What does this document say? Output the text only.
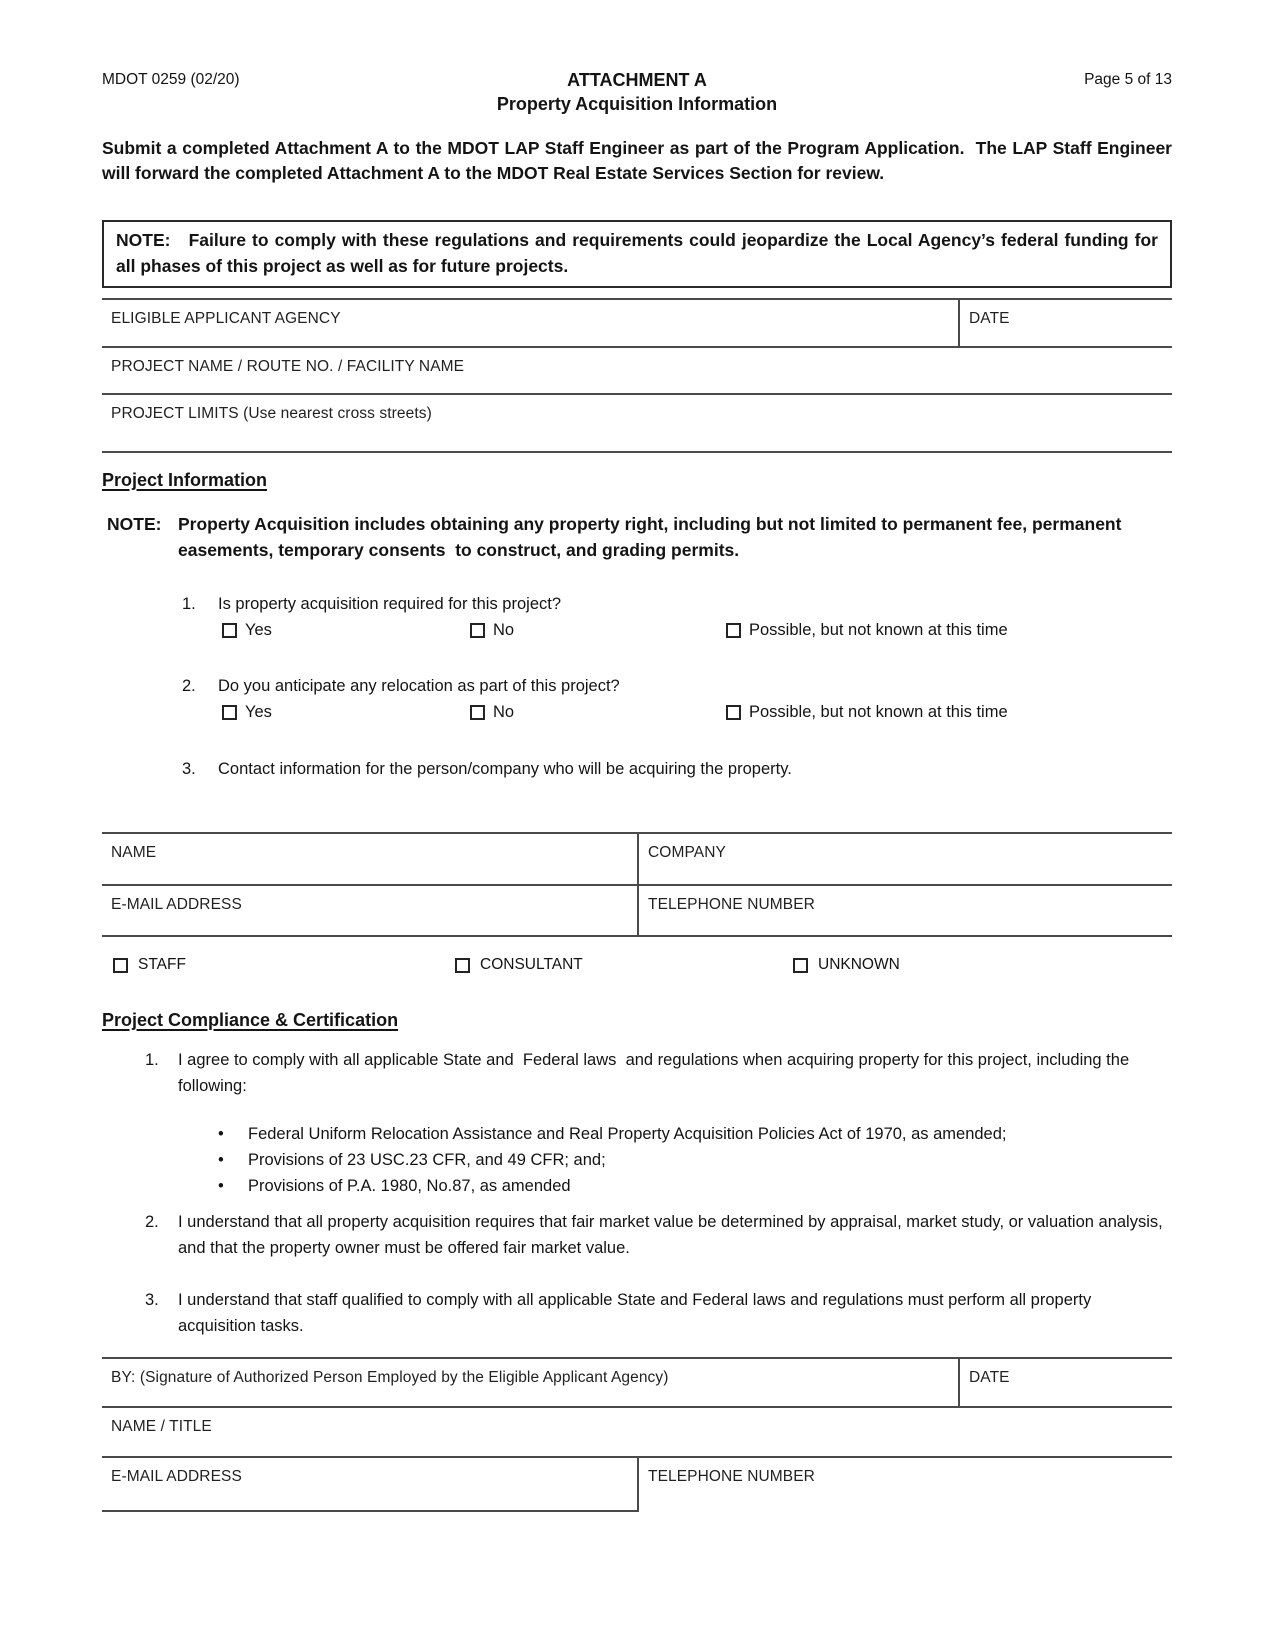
MDOT 0259 (02/20)	ATTACHMENT A
Property Acquisition Information
Page 5 of 13
Submit a completed Attachment A to the MDOT LAP Staff Engineer as part of the Program Application.  The LAP Staff Engineer will forward the completed Attachment A to the MDOT Real Estate Services Section for review.
NOTE:   Failure to comply with these regulations and requirements could jeopardize the Local Agency’s federal funding for all phases of this project as well as for future projects.
ELIGIBLE APPLICANT AGENCY	DATE
PROJECT NAME / ROUTE NO. / FACILITY NAME
PROJECT LIMITS (Use nearest cross streets)
Project Information
NOTE: Property Acquisition includes obtaining any property right, including but not limited to permanent fee, permanent easements, temporary consents  to construct, and grading permits.
1.	Is property acquisition required for this project?
Yes	No	Possible, but not known at this time
2.	Do you anticipate any relocation as part of this project?
Yes	No	Possible, but not known at this time
3.	Contact information for the person/company who will be acquiring the property.
NAME	COMPANY
E-MAIL ADDRESS	TELEPHONE NUMBER
STAFF	CONSULTANT	UNKNOWN
Project Compliance & Certification
1.	I agree to comply with all applicable State and  Federal laws  and regulations when acquiring property for this project, including the following:
•	Federal Uniform Relocation Assistance and Real Property Acquisition Policies Act of 1970, as amended;
•	Provisions of 23 USC.23 CFR, and 49 CFR; and;
•	Provisions of P.A. 1980, No.87, as amended
2.	I understand that all property acquisition requires that fair market value be determined by appraisal, market study, or valuation analysis, and that the property owner must be offered fair market value.
3.	I understand that staff qualified to comply with all applicable State and Federal laws and regulations must perform all property acquisition tasks.
BY: (Signature of Authorized Person Employed by the Eligible Applicant Agency)	DATE
NAME / TITLE
E-MAIL ADDRESS	TELEPHONE NUMBER
